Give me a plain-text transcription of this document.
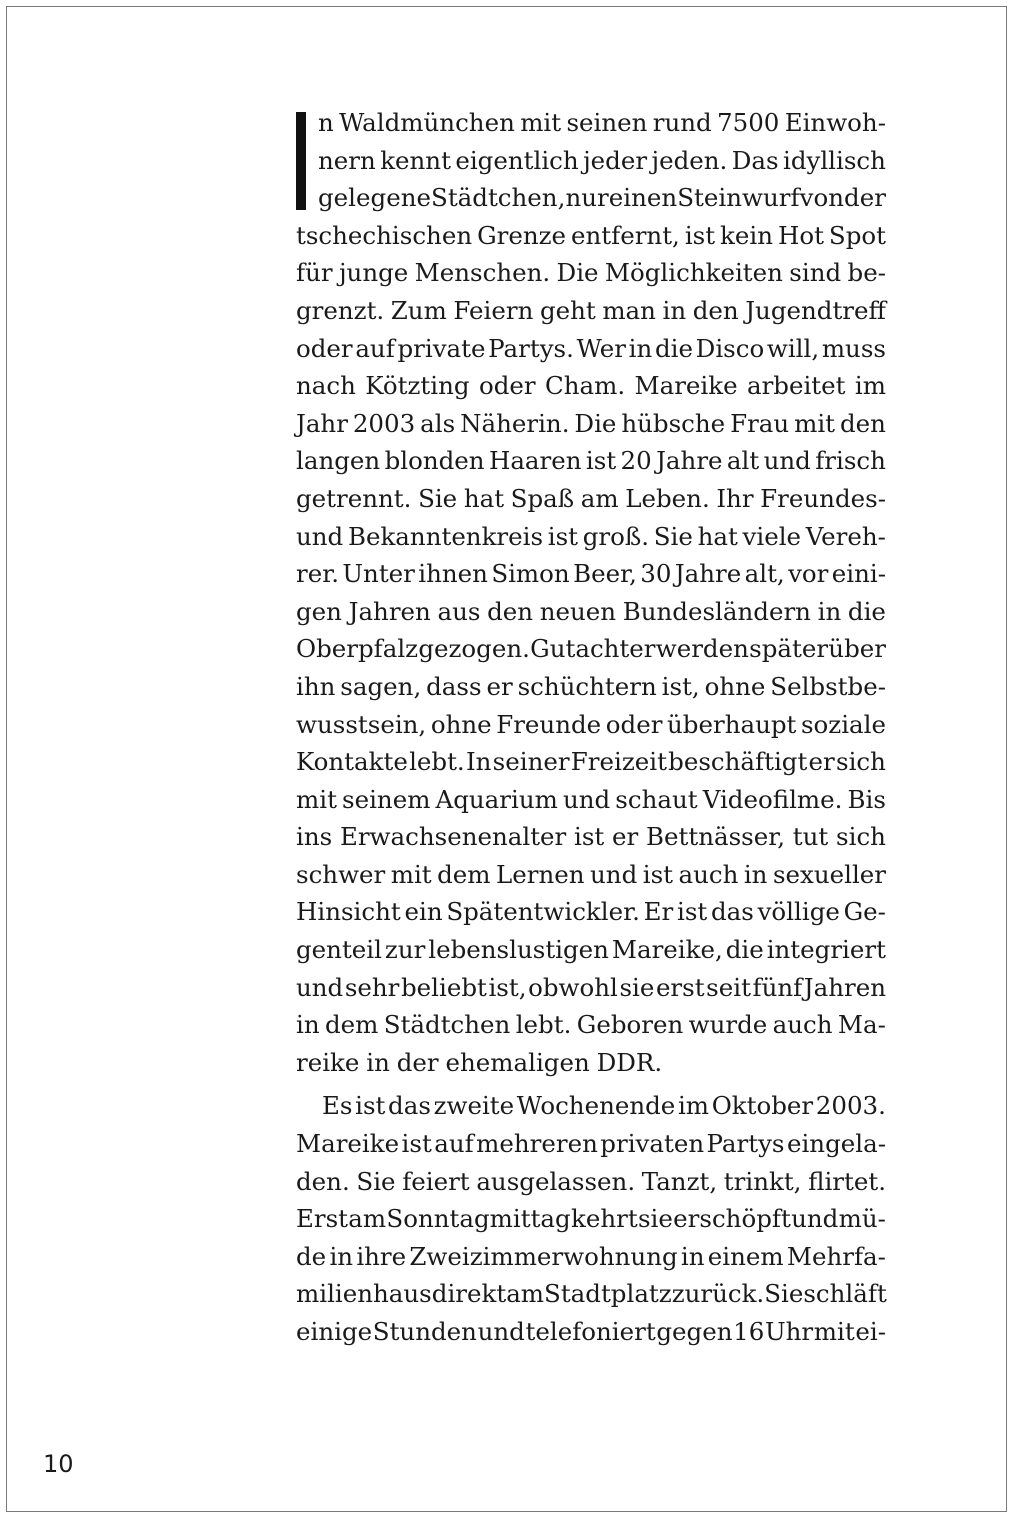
n Waldmünchen mit seinen rund 7500 Einwoh-
nern kennt eigentlich jeder jeden. Das idyllisch
gelegene Städtchen, nur einen Steinwurf von der
tschechischen Grenze entfernt, ist kein Hot Spot
für junge Menschen. Die Möglichkeiten sind be-
grenzt. Zum Feiern geht man in den Jugendtreff
oder auf private Partys. Wer in die Disco will, muss
nach Kötzting oder Cham. Mareike arbeitet im
Jahr 2003 als Näherin. Die hübsche Frau mit den
langen blonden Haaren ist 20 Jahre alt und frisch
getrennt. Sie hat Spaß am Leben. Ihr Freundes-
und Bekanntenkreis ist groß. Sie hat viele Vereh-
rer. Unter ihnen Simon Beer, 30 Jahre alt, vor eini-
gen Jahren aus den neuen Bundesländern in die
Oberpfalz gezogen. Gutachter werden später über
ihn sagen, dass er schüchtern ist, ohne Selbstbe-
wusstsein, ohne Freunde oder überhaupt soziale
Kontakte lebt. In seiner Freizeit beschäftigt er sich
mit seinem Aquarium und schaut Videofilme. Bis
ins Erwachsenenalter ist er Bettnässer, tut sich
schwer mit dem Lernen und ist auch in sexueller
Hinsicht ein Spätentwickler. Er ist das völlige Ge-
genteil zur lebenslustigen Mareike, die integriert
und sehr beliebt ist, obwohl sie erst seit fünf Jahren
in dem Städtchen lebt. Geboren wurde auch Ma-
reike in der ehemaligen DDR.
Es ist das zweite Wochenende im Oktober 2003.
Mareike ist auf mehreren privaten Partys eingela-
den. Sie feiert ausgelassen. Tanzt, trinkt, flirtet.
Erst am Sonntagmittag kehrt sie erschöpft und mü-
de in ihre Zweizimmerwohnung in einem Mehrfa-
milienhaus direkt am Stadtplatz zurück. Sie schläft
einige Stunden und telefoniert gegen 16 Uhr mit ei-
10
